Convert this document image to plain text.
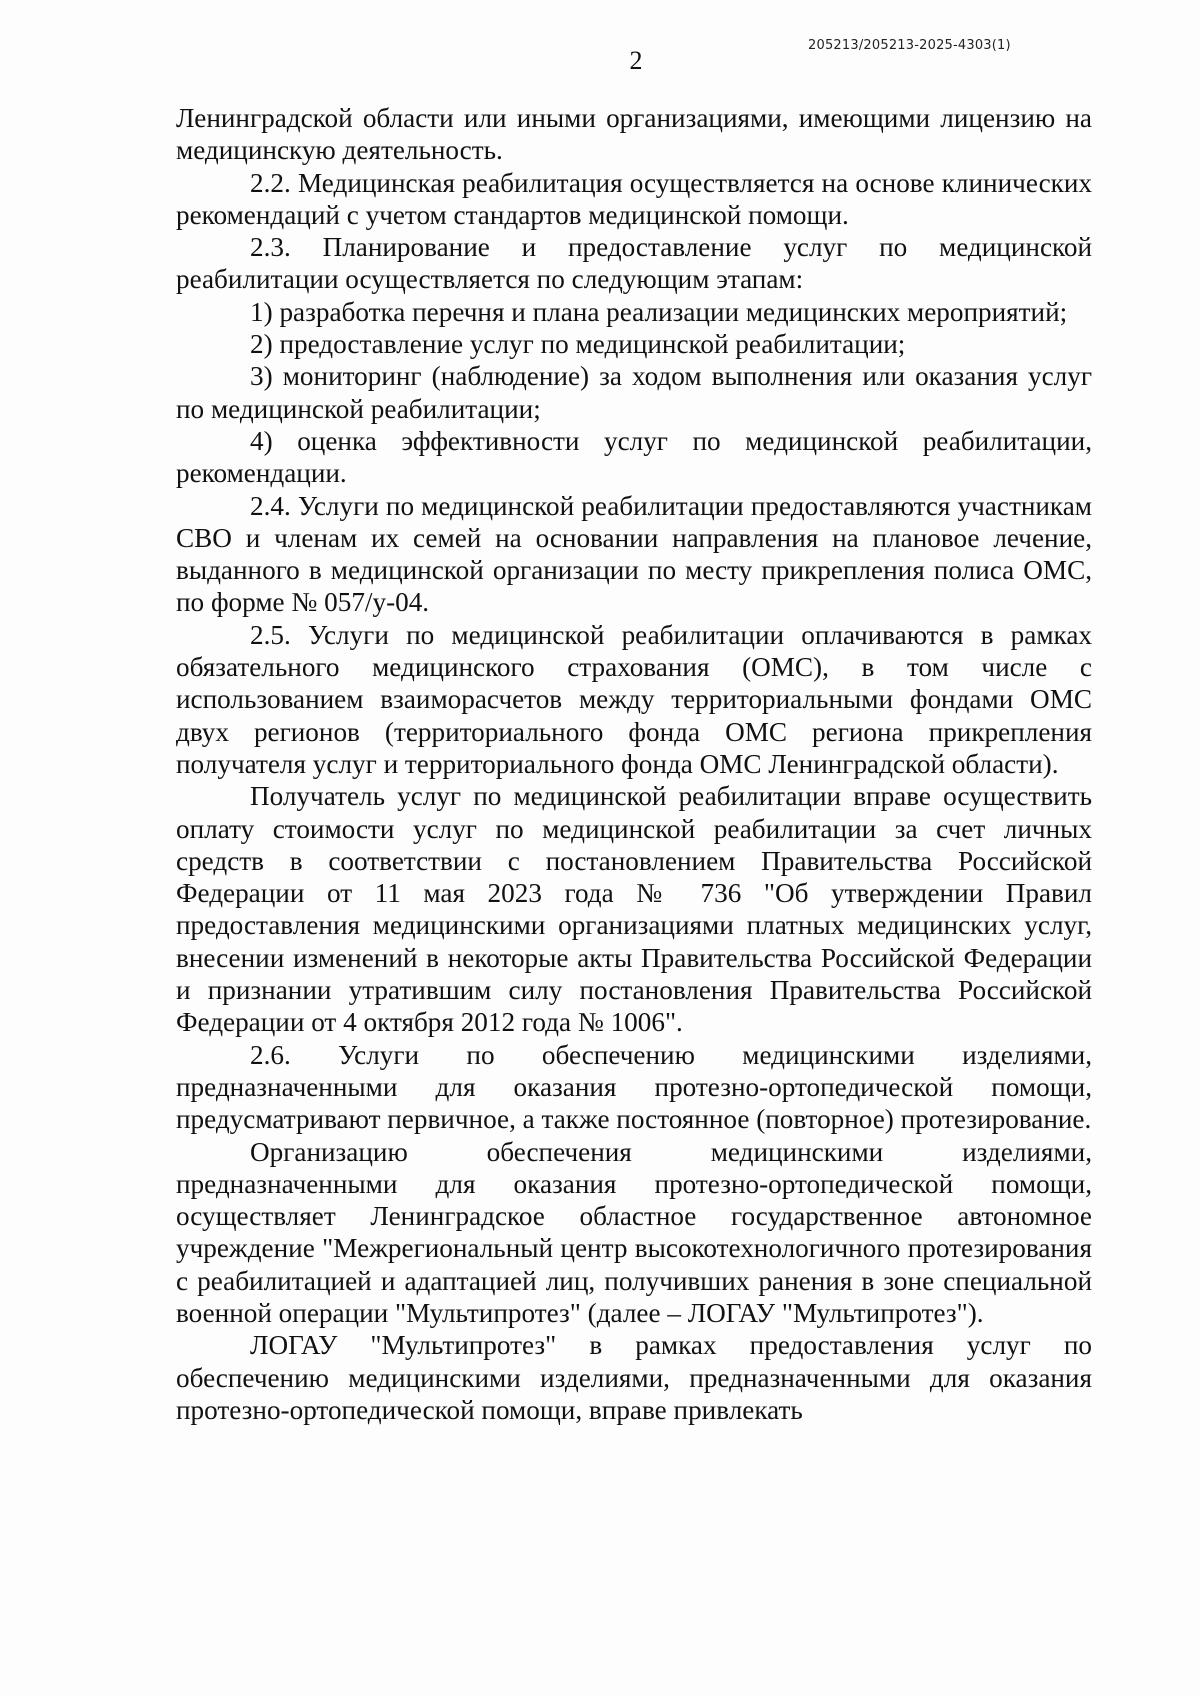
205213/205213-2025-4303(1)
2

Ленинградской области или иными организациями, имеющими лицензию на медицинскую деятельность.

2.2. Медицинская реабилитация осуществляется на основе клинических рекомендаций с учетом стандартов медицинской помощи.

2.3. Планирование и предоставление услуг по медицинской реабилитации осуществляется по следующим этапам:

1) разработка перечня и плана реализации медицинских мероприятий;

2) предоставление услуг по медицинской реабилитации;

3) мониторинг (наблюдение) за ходом выполнения или оказания услуг по медицинской реабилитации;

4) оценка эффективности услуг по медицинской реабилитации, рекомендации.

2.4. Услуги по медицинской реабилитации предоставляются участникам СВО и членам их семей на основании направления на плановое лечение, выданного в медицинской организации по месту прикрепления полиса ОМС, по форме № 057/у-04.

2.5. Услуги по медицинской реабилитации оплачиваются в рамках обязательного медицинского страхования (ОМС), в том числе с использованием взаиморасчетов между территориальными фондами ОМС двух регионов (территориального фонда ОМС региона прикрепления получателя услуг и территориального фонда ОМС Ленинградской области).

Получатель услуг по медицинской реабилитации вправе осуществить оплату стоимости услуг по медицинской реабилитации за счет личных средств в соответствии с постановлением Правительства Российской Федерации от 11 мая 2023 года № 736 "Об утверждении Правил предоставления медицинскими организациями платных медицинских услуг, внесении изменений в некоторые акты Правительства Российской Федерации и признании утратившим силу постановления Правительства Российской Федерации от 4 октября 2012 года № 1006".

2.6. Услуги по обеспечению медицинскими изделиями, предназначенными для оказания протезно-ортопедической помощи, предусматривают первичное, а также постоянное (повторное) протезирование.

Организацию обеспечения медицинскими изделиями, предназначенными для оказания протезно-ортопедической помощи, осуществляет Ленинградское областное государственное автономное учреждение "Межрегиональный центр высокотехнологичного протезирования с реабилитацией и адаптацией лиц, получивших ранения в зоне специальной военной операции "Мультипротез" (далее – ЛОГАУ "Мультипротез").

ЛОГАУ "Мультипротез" в рамках предоставления услуг по обеспечению медицинскими изделиями, предназначенными для оказания протезно-ортопедической помощи, вправе привлекать
